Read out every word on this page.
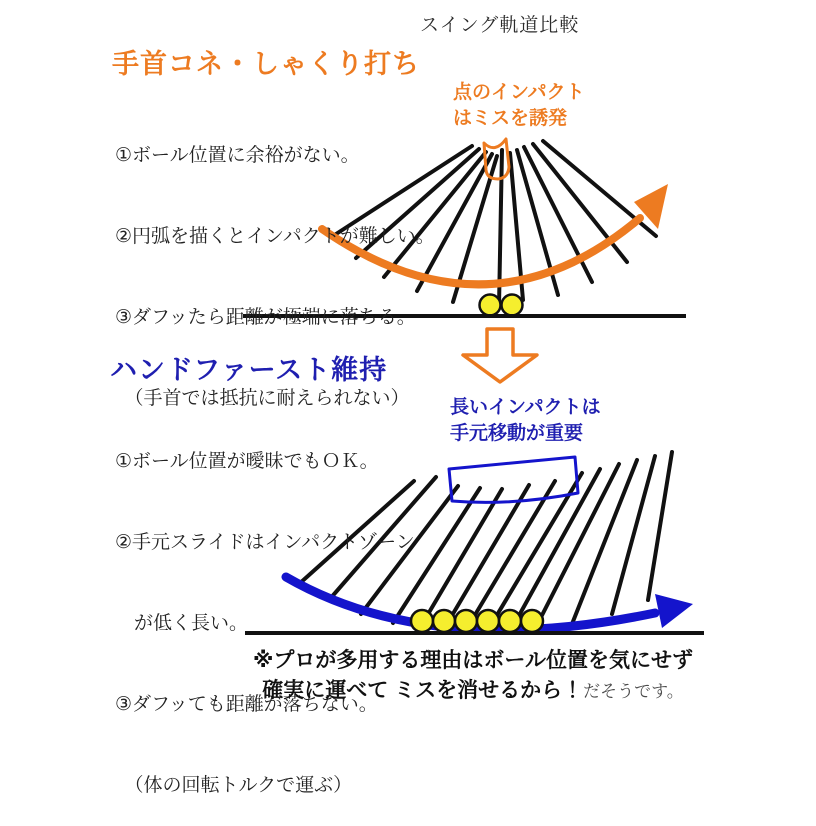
スイング軌道比較
手首コネ・しゃくり打ち

①ボール位置に余裕がない。

②円弧を描くとインパクトが難しい。

③ダフッたら距離が極端に落ちる。

　（手首では抵抗に耐えられない）

点のインパクト
はミスを誘発
ハンドファースト維持

①ボール位置が曖昧でもＯＫ。

②手元スライドはインパクトゾーン

　が低く長い。

③ダフッても距離が落ちない。

　（体の回転トルクで運ぶ）

長いインパクトは
手元移動が重要
※プロが多用する理由はボール位置を気にせず
確実に運べて ミスを消せるから！だそうです。
